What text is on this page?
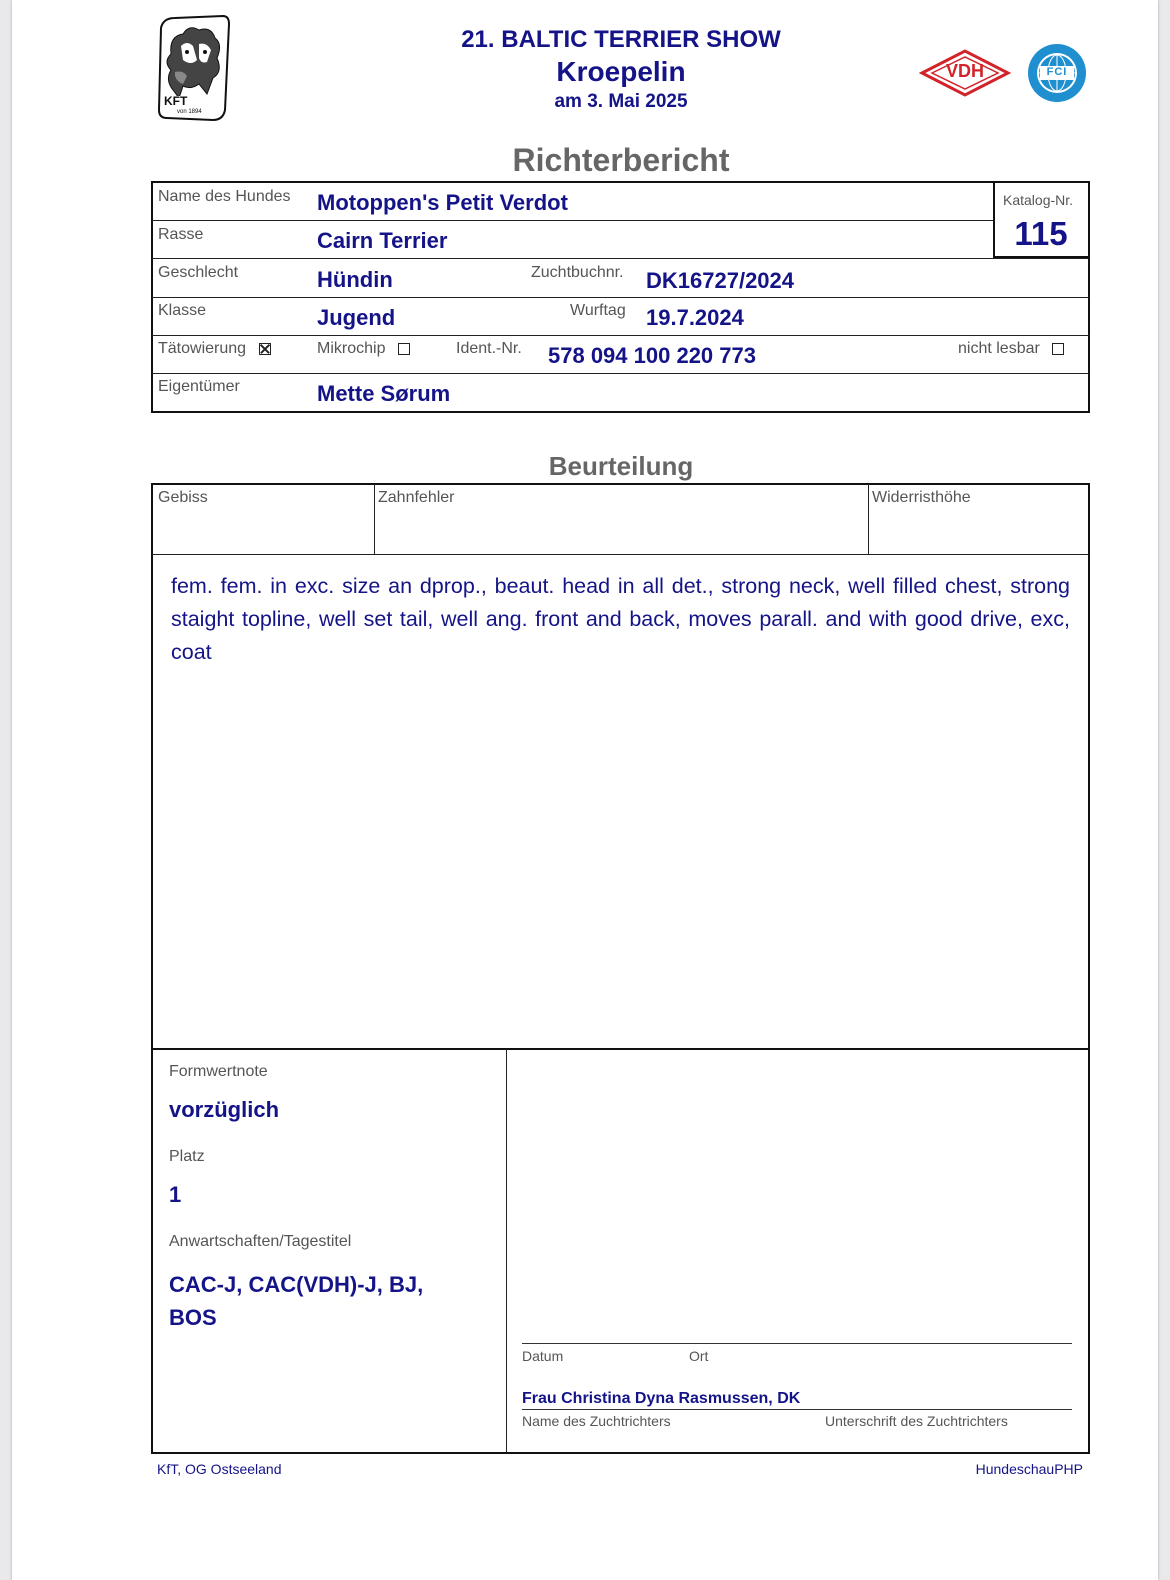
KFT
von 1894
21. BALTIC TERRIER SHOW
Kroepelin
am 3. Mai 2025
VDH	FCI
Richterbericht
Name des Hundes Motoppen's Petit Verdot	Katalog-Nr.
115
Rasse	Cairn Terrier
Geschlecht	Hündin	Zuchtbuchnr. DK16727/2024
Klasse	Jugend	Wurftag 19.7.2024
Tätowierung	Mikrochip	Ident.-Nr. 578 094 100 220 773	nicht lesbar
Eigentümer	Mette Sørum
Beurteilung
Gebiss	Zahnfehler	Widerristhöhe
fem. fem. in exc. size an dprop., beaut. head in all det., strong neck, well filled chest, strong staight topline, well set tail, well ang. front and back, moves parall. and with good drive, exc, coat
Formwertnote
vorzüglich
Platz
1
Anwartschaften/Tagestitel
CAC-J, CAC(VDH)-J, BJ,
BOS
Datum	Ort
Frau Christina Dyna Rasmussen, DK
Name des Zuchtrichters	Unterschrift des Zuchtrichters
KfT, OG Ostseeland	HundeschauPHP
